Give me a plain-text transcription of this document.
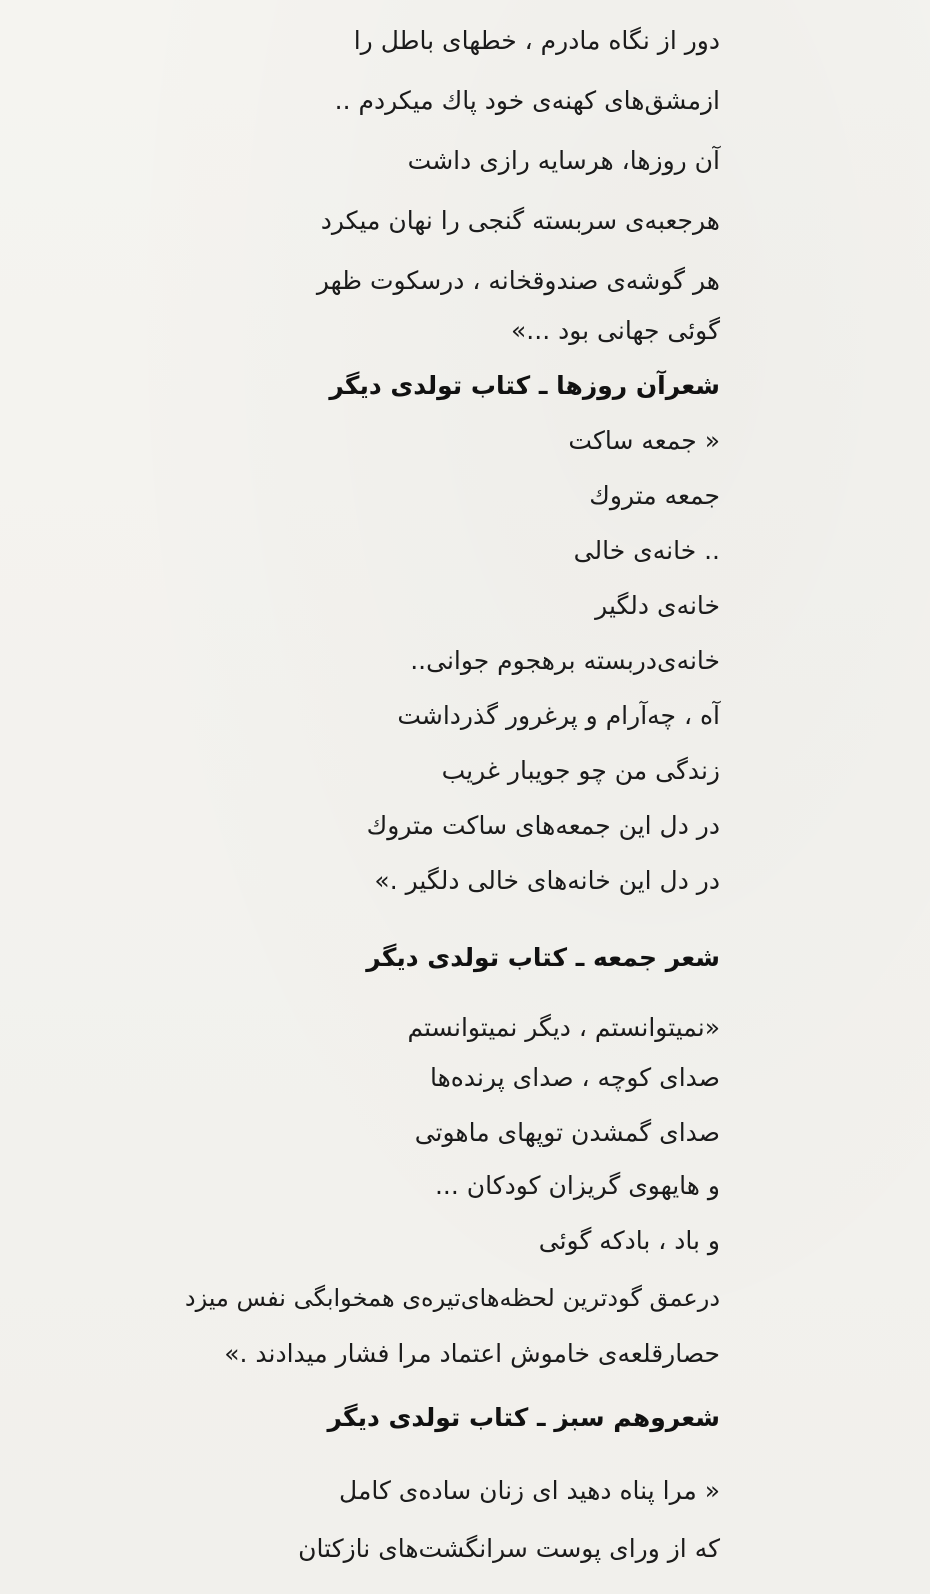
دور از نگاه مادرم ، خطهای باطل را
ازمشق‌های کهنه‌ی خود پاك میکردم ..
آن روزها، هرسایه رازی داشت
هرجعبه‌ی سربسته گنجی را نهان میکرد
هر گوشه‌ی صندوقخانه ، درسکوت ظهر
گوئی جهانی بود ...»
شعرآن روزها ـ کتاب تولدی دیگر
« جمعه ساکت
جمعه متروك
.. خانه‌ی خالی
خانه‌ی دلگیر
خانه‌ی‌دربسته برهجوم جوانی..
آه ، چه‌آرام و پرغرور گذرداشت
زندگی من چو جویبار غریب
در دل این جمعه‌های ساکت متروك
در دل این خانه‌های خالی دلگیر .»
شعر جمعه ـ کتاب تولدی دیگر
«نمیتوانستم ، دیگر نمیتوانستم
صدای کوچه ، صدای پرنده‌ها
صدای گمشدن توپهای ماهوتی
و هایهوی گریزان کودکان ...
و باد ، بادکه گوئی
درعمق گودترین لحظه‌های‌تیره‌ی همخوابگی نفس میزد
حصارقلعه‌ی خاموش اعتماد مرا فشار میدادند .»
شعروهم سبز ـ کتاب تولدی دیگر
« مرا پناه دهید ای زنان ساده‌ی کامل
که از ورای پوست سرانگشت‌های نازکتان
